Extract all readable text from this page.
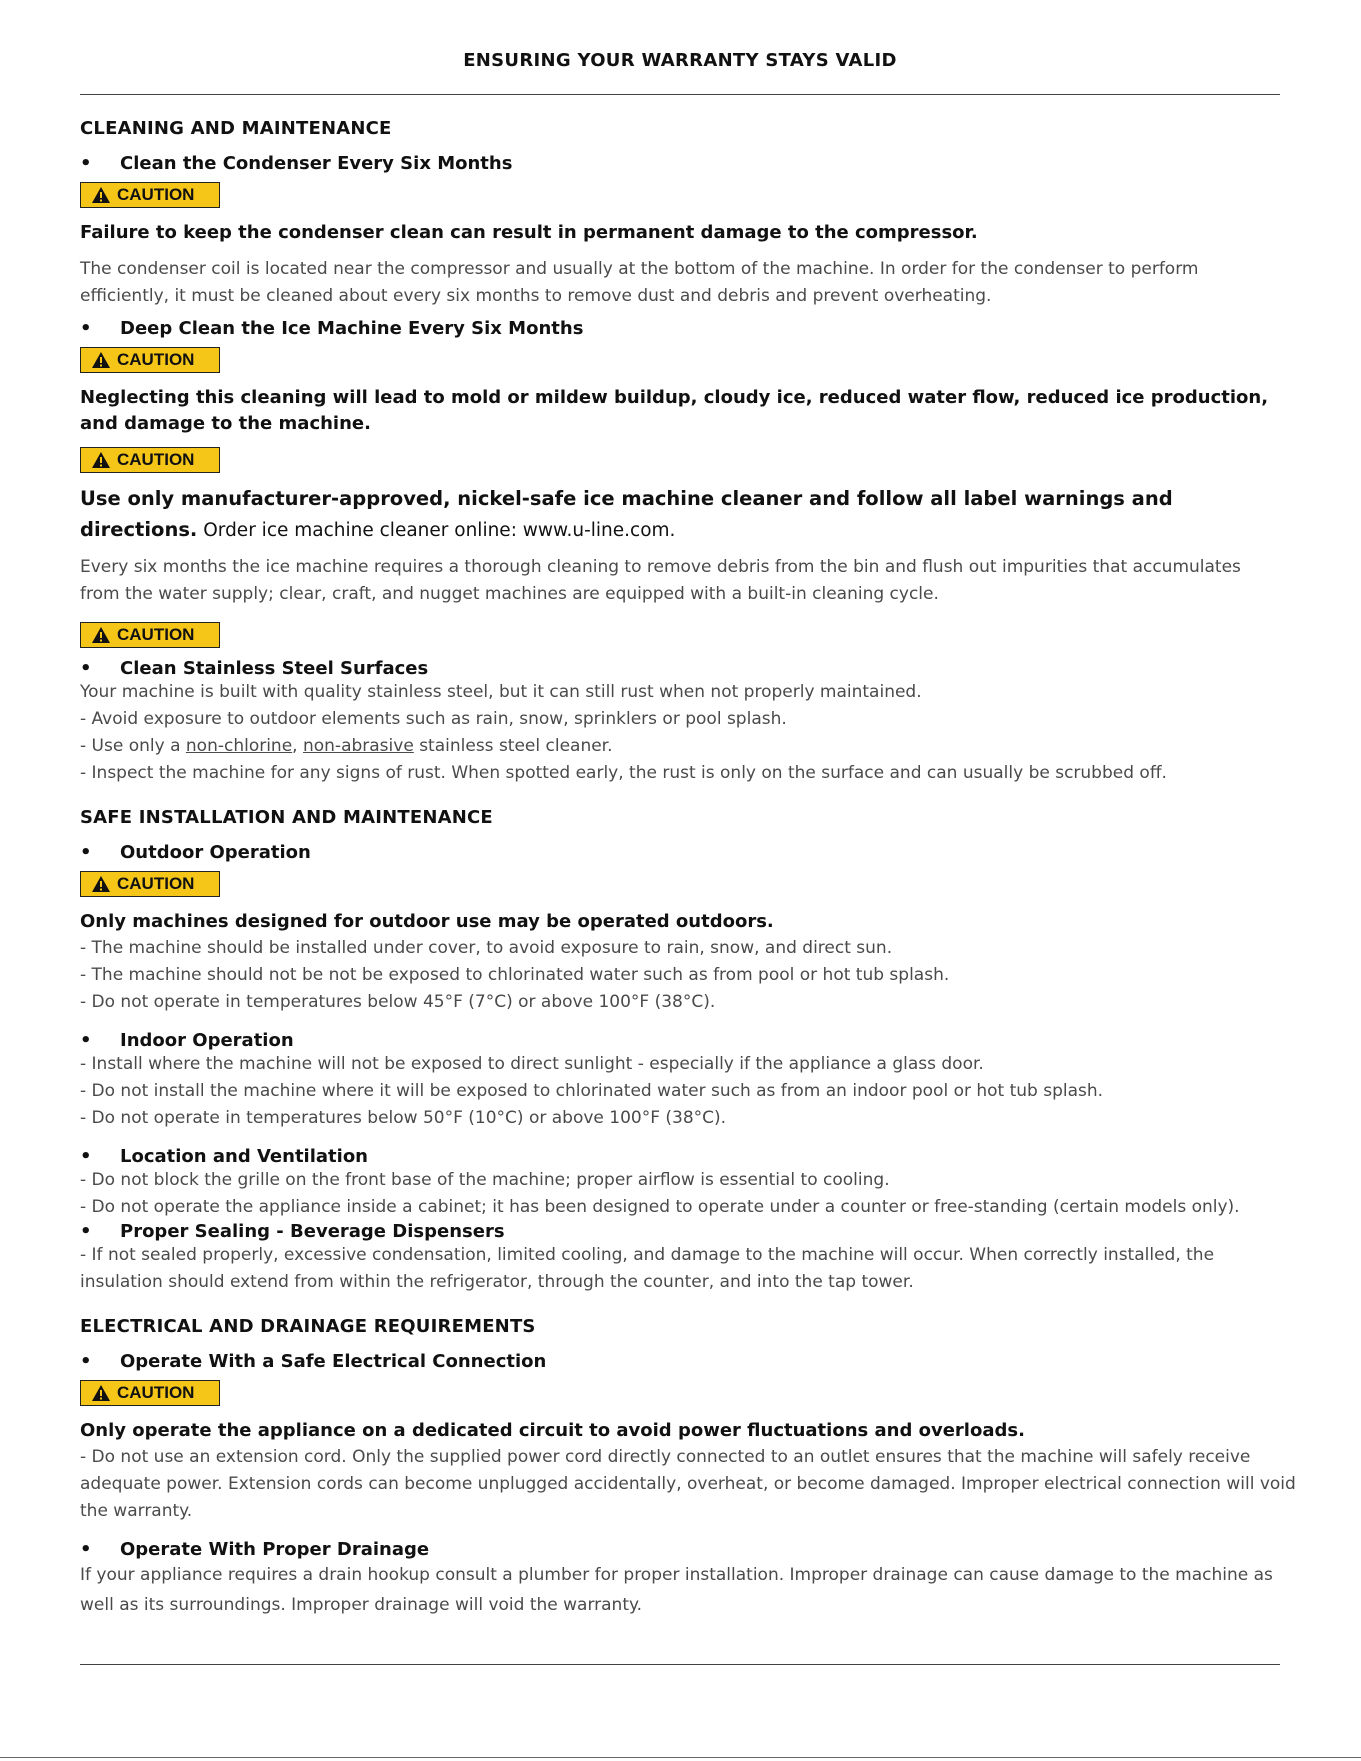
ENSURING YOUR WARRANTY STAYS VALID
CLEANING AND MAINTENANCE
• Clean the Condenser Every Six Months
CAUTION
Failure to keep the condenser clean can result in permanent damage to the compressor.

The condenser coil is located near the compressor and usually at the bottom of the machine. In order for the condenser to perform efficiently, it must be cleaned about every six months to remove dust and debris and prevent overheating.

• Deep Clean the Ice Machine Every Six Months
CAUTION
Neglecting this cleaning will lead to mold or mildew buildup, cloudy ice, reduced water flow, reduced ice production, and damage to the machine.
CAUTION
Use only manufacturer-approved, nickel-safe ice machine cleaner and follow all label warnings and directions. Order ice machine cleaner online: www.u-line.com.

Every six months the ice machine requires a thorough cleaning to remove debris from the bin and flush out impurities that accumulates from the water supply; clear, craft, and nugget machines are equipped with a built-in cleaning cycle.

CAUTION
• Clean Stainless Steel Surfaces

Your machine is built with quality stainless steel, but it can still rust when not properly maintained.

- Avoid exposure to outdoor elements such as rain, snow, sprinklers or pool splash.

- Use only a non-chlorine, non-abrasive stainless steel cleaner.

- Inspect the machine for any signs of rust. When spotted early, the rust is only on the surface and can usually be scrubbed off.

SAFE INSTALLATION AND MAINTENANCE
• Outdoor Operation
CAUTION
Only machines designed for outdoor use may be operated outdoors.

- The machine should be installed under cover, to avoid exposure to rain, snow, and direct sun.

- The machine should not be not be exposed to chlorinated water such as from pool or hot tub splash.

- Do not operate in temperatures below 45°F (7°C) or above 100°F (38°C).

• Indoor Operation

- Install where the machine will not be exposed to direct sunlight - especially if the appliance a glass door.

- Do not install the machine where it will be exposed to chlorinated water such as from an indoor pool or hot tub splash.

- Do not operate in temperatures below 50°F (10°C) or above 100°F (38°C).

• Location and Ventilation

- Do not block the grille on the front base of the machine; proper airflow is essential to cooling.

- Do not operate the appliance inside a cabinet; it has been designed to operate under a counter or free-standing (certain models only).

• Proper Sealing - Beverage Dispensers

- If not sealed properly, excessive condensation, limited cooling, and damage to the machine will occur. When correctly installed, the insulation should extend from within the refrigerator, through the counter, and into the tap tower.

ELECTRICAL AND DRAINAGE REQUIREMENTS
• Operate With a Safe Electrical Connection
CAUTION
Only operate the appliance on a dedicated circuit to avoid power fluctuations and overloads.

- Do not use an extension cord. Only the supplied power cord directly connected to an outlet ensures that the machine will safely receive adequate power. Extension cords can become unplugged accidentally, overheat, or become damaged. Improper electrical connection will void the warranty.

• Operate With Proper Drainage

If your appliance requires a drain hookup consult a plumber for proper installation. Improper drainage can cause damage to the machine as well as its surroundings. Improper drainage will void the warranty.
